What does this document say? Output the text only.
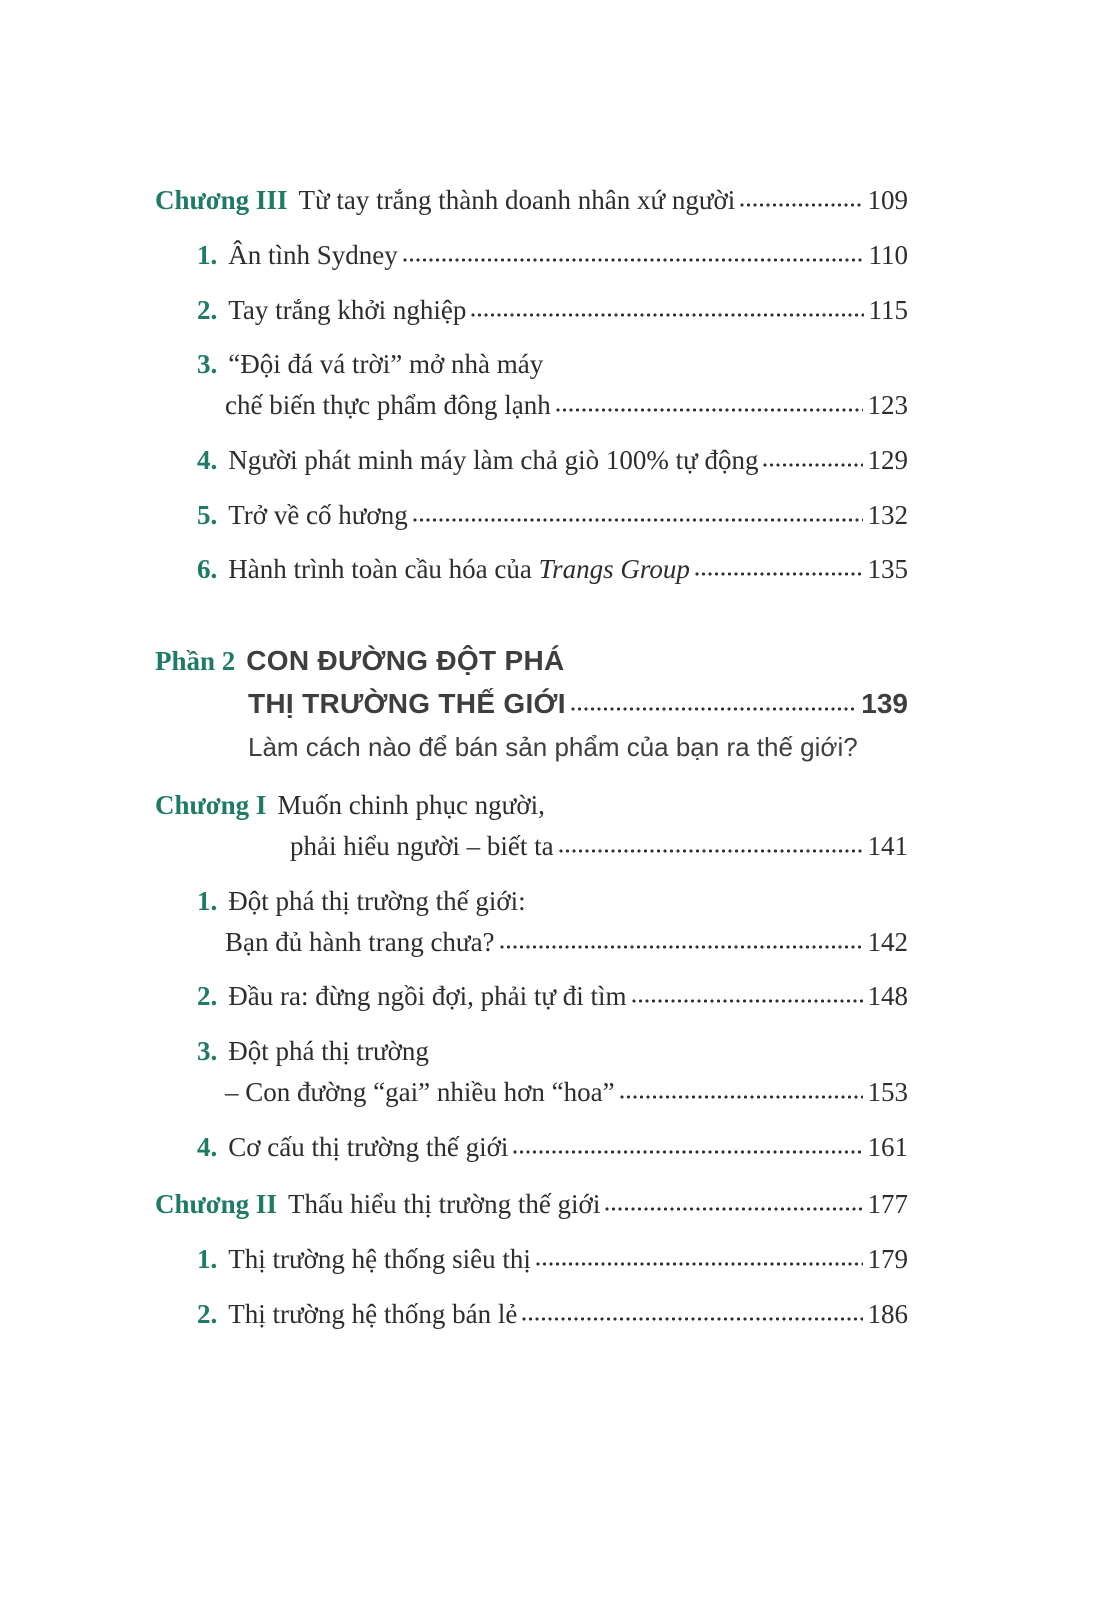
Chương III Từ tay trắng thành doanh nhân xứ người	109
1. Ân tình Sydney	110
2. Tay trắng khởi nghiệp	115
3. “Đội đá vá trời” mở nhà máy
chế biến thực phẩm đông lạnh	123
4. Người phát minh máy làm chả giò 100% tự động	129
5. Trở về cố hương	132
6. Hành trình toàn cầu hóa của Trangs Group	135
Phần 2 CON ĐƯỜNG ĐỘT PHÁ
THỊ TRƯỜNG THẾ GIỚI	139
Làm cách nào để bán sản phẩm của bạn ra thế giới?
Chương I Muốn chinh phục người,
phải hiểu người – biết ta	141
1. Đột phá thị trường thế giới:
Bạn đủ hành trang chưa?	142
2. Đầu ra: đừng ngồi đợi, phải tự đi tìm	148
3. Đột phá thị trường
– Con đường “gai” nhiều hơn “hoa”	153
4. Cơ cấu thị trường thế giới	161
Chương II Thấu hiểu thị trường thế giới	177
1. Thị trường hệ thống siêu thị	179
2. Thị trường hệ thống bán lẻ	186
